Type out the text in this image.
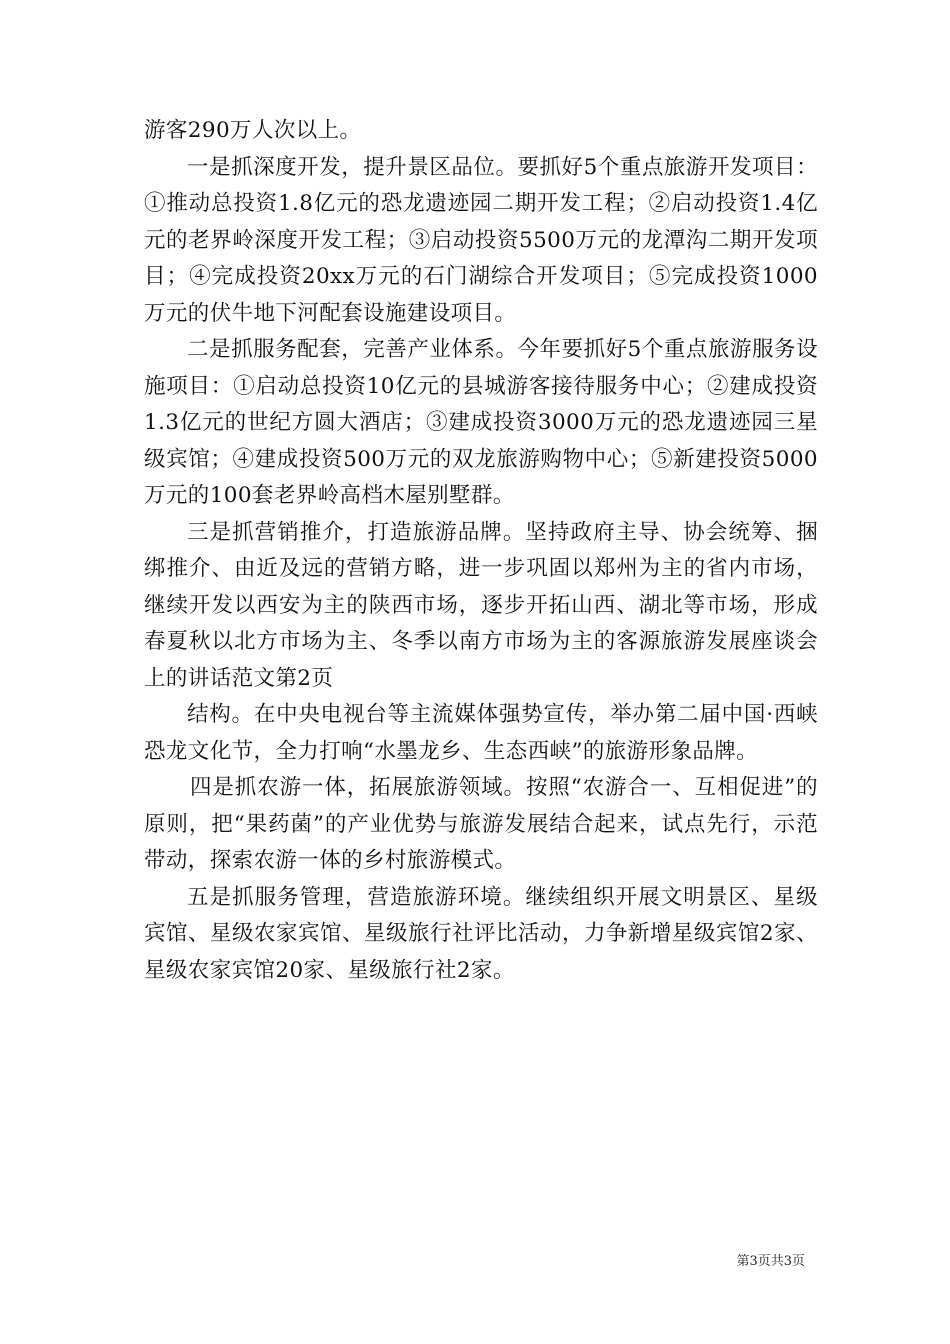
游客290万人次以上。

一是抓深度开发，提升景区品位。要抓好5个重点旅游开发项目：①推动总投资1.8亿元的恐龙遗迹园二期开发工程；②启动投资1.4亿元的老界岭深度开发工程；③启动投资5500万元的龙潭沟二期开发项目；④完成投资20xx万元的石门湖综合开发项目；⑤完成投资1000万元的伏牛地下河配套设施建设项目。

二是抓服务配套，完善产业体系。今年要抓好5个重点旅游服务设施项目：①启动总投资10亿元的县城游客接待服务中心；②建成投资1.3亿元的世纪方圆大酒店；③建成投资3000万元的恐龙遗迹园三星级宾馆；④建成投资500万元的双龙旅游购物中心；⑤新建投资5000万元的100套老界岭高档木屋别墅群。

三是抓营销推介，打造旅游品牌。坚持政府主导、协会统筹、捆绑推介、由近及远的营销方略，进一步巩固以郑州为主的省内市场，继续开发以西安为主的陕西市场，逐步开拓山西、湖北等市场，形成春夏秋以北方市场为主、冬季以南方市场为主的客源旅游发展座谈会上的讲话范文第2页

结构。在中央电视台等主流媒体强势宣传，举办第二届中国·西峡恐龙文化节，全力打响“水墨龙乡、生态西峡”的旅游形象品牌。

四是抓农游一体，拓展旅游领域。按照“农游合一、互相促进”的原则，把“果药菌”的产业优势与旅游发展结合起来，试点先行，示范带动，探索农游一体的乡村旅游模式。

五是抓服务管理，营造旅游环境。继续组织开展文明景区、星级宾馆、星级农家宾馆、星级旅行社评比活动，力争新增星级宾馆2家、星级农家宾馆20家、星级旅行社2家。

第3页共3页
